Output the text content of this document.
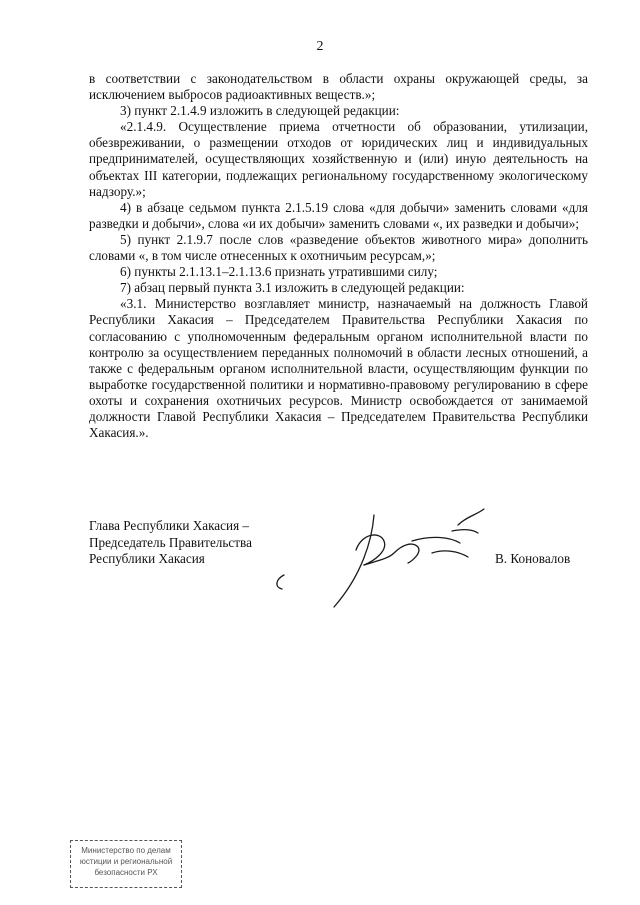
2

в соответствии с законодательством в области охраны окружающей среды, за исключением выбросов радиоактивных веществ.»;

3) пункт 2.1.4.9 изложить в следующей редакции:

«2.1.4.9. Осуществление приема отчетности об образовании, утилизации, обезвреживании, о размещении отходов от юридических лиц и индивидуальных предпринимателей, осуществляющих хозяйственную и (или) иную деятельность на объектах III категории, подлежащих региональному государственному экологическому надзору.»;

4) в абзаце седьмом пункта 2.1.5.19 слова «для добычи» заменить словами «для разведки и добычи», слова «и их добычи» заменить словами «, их разведки и добычи»;

5) пункт 2.1.9.7 после слов «разведение объектов животного мира» дополнить словами «, в том числе отнесенных к охотничьим ресурсам,»;

6) пункты 2.1.13.1–2.1.13.6 признать утратившими силу;

7) абзац первый пункта 3.1 изложить в следующей редакции:

«3.1. Министерство возглавляет министр, назначаемый на должность Главой Республики Хакасия – Председателем Правительства Республики Хакасия по согласованию с уполномоченным федеральным органом исполнительной власти по контролю за осуществлением переданных полномочий в области лесных отношений, а также с федеральным органом исполнительной власти, осуществляющим функции по выработке государственной политики и нормативно-правовому регулированию в сфере охоты и сохранения охотничьих ресурсов. Министр освобождается от занимаемой должности Главой Республики Хакасия – Председателем Правительства Республики Хакасия.».

Глава Республики Хакасия –
Председатель Правительства
Республики Хакасия	В. Коновалов
Министерство по делам
юстиции и региональной
безопасности РХ
